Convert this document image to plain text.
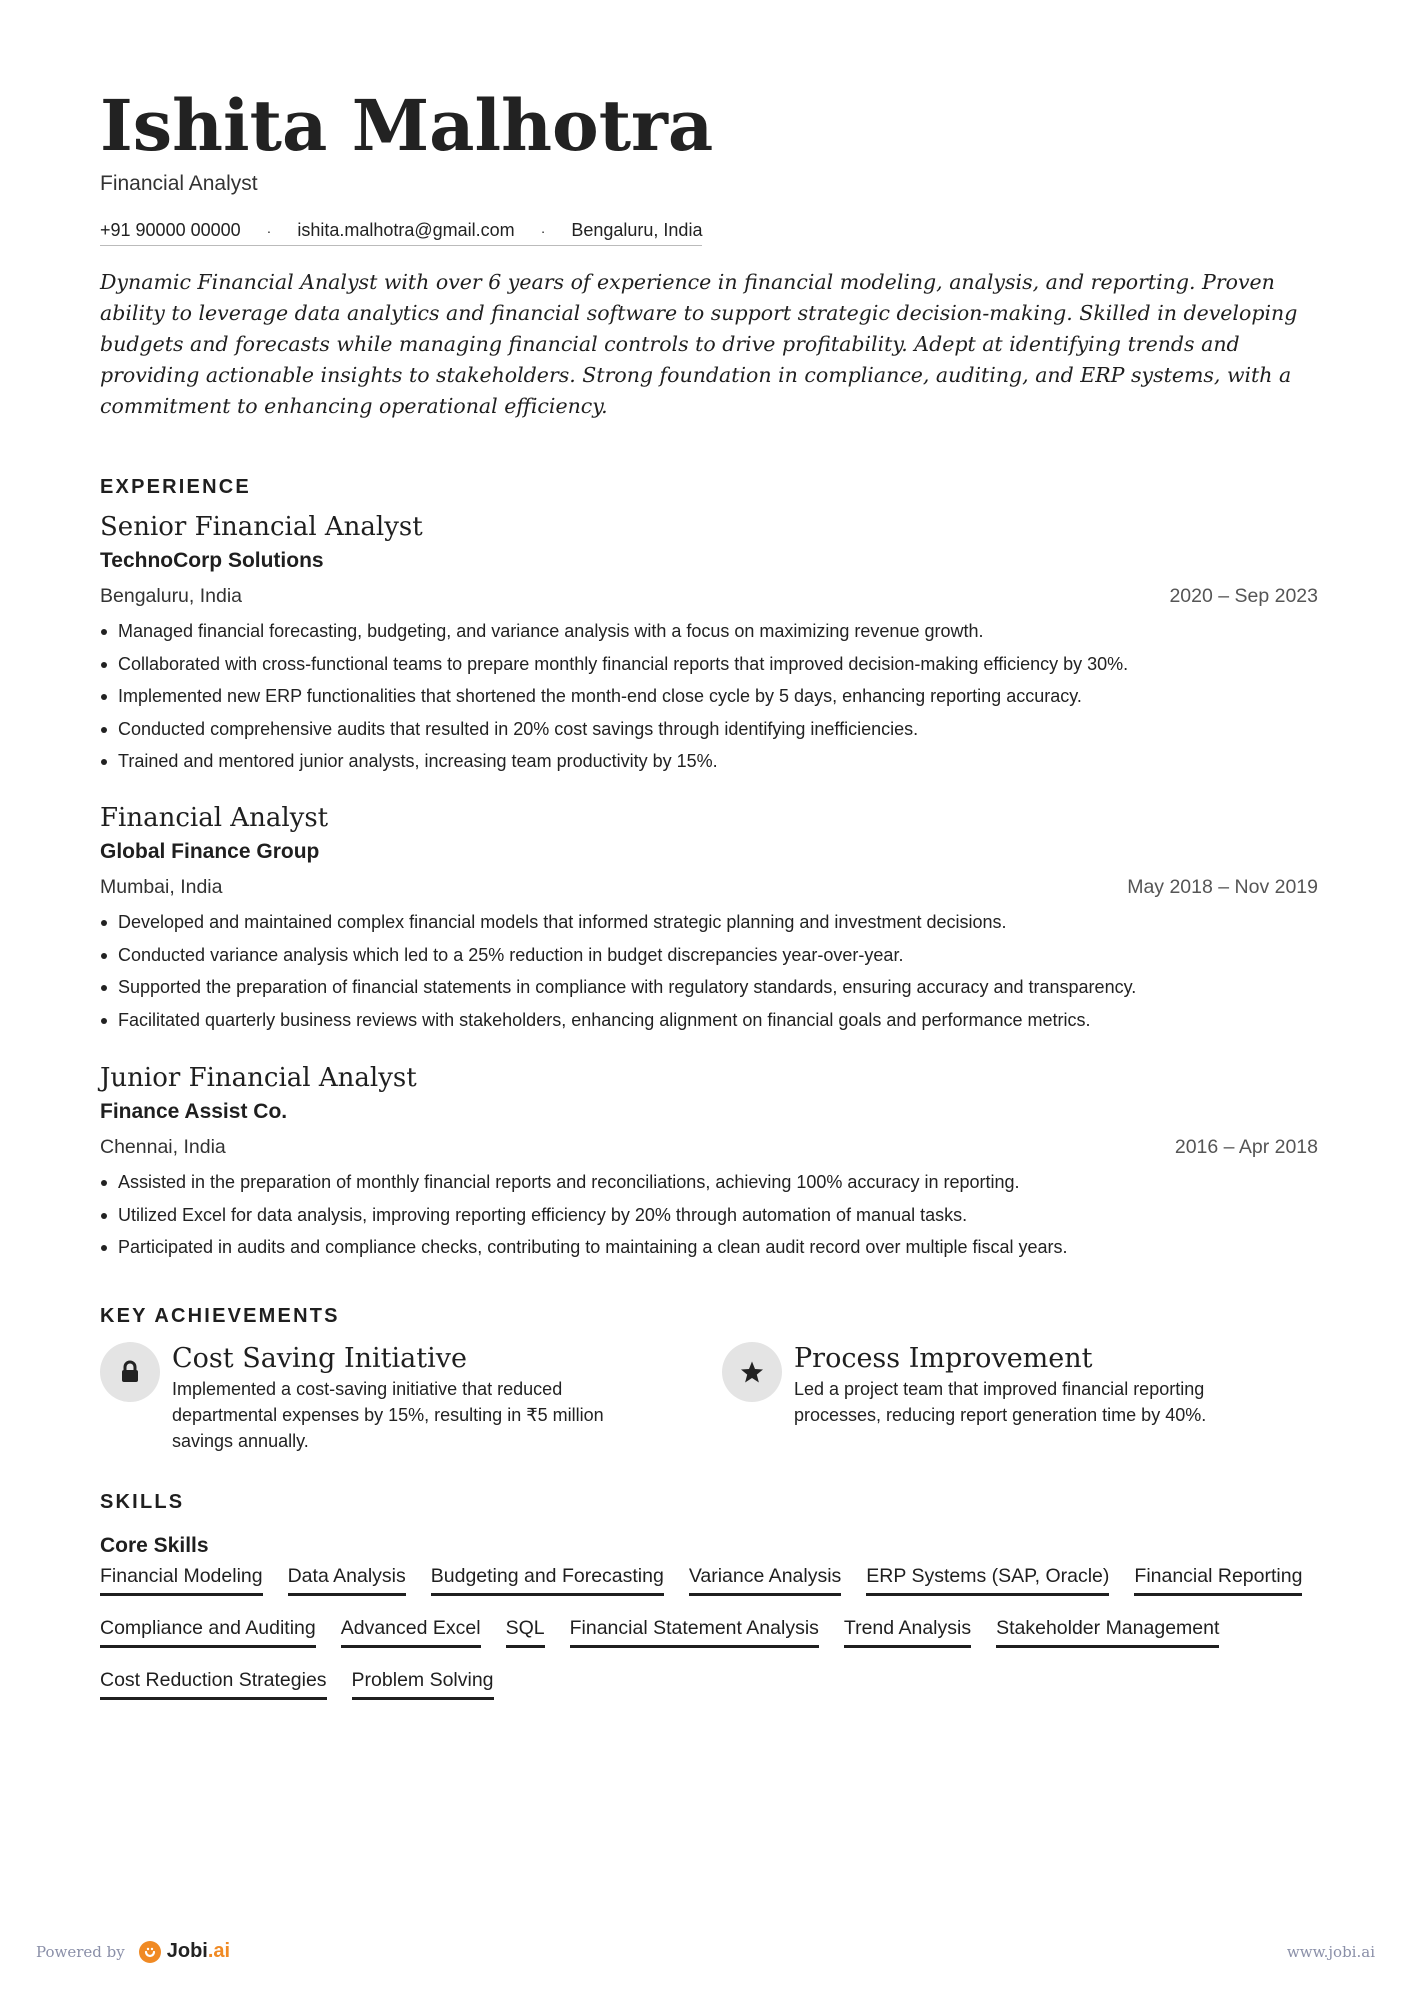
Ishita Malhotra
Financial Analyst
+91 90000 00000 · ishita.malhotra@gmail.com · Bengaluru, India
Dynamic Financial Analyst with over 6 years of experience in financial modeling, analysis, and reporting. Proven ability to leverage data analytics and financial software to support strategic decision-making. Skilled in developing budgets and forecasts while managing financial controls to drive profitability. Adept at identifying trends and providing actionable insights to stakeholders. Strong foundation in compliance, auditing, and ERP systems, with a commitment to enhancing operational efficiency.
EXPERIENCE
Senior Financial Analyst
TechnoCorp Solutions
Bengaluru, India	2020 – Sep 2023
Managed financial forecasting, budgeting, and variance analysis with a focus on maximizing revenue growth.
Collaborated with cross-functional teams to prepare monthly financial reports that improved decision-making efficiency by 30%.
Implemented new ERP functionalities that shortened the month-end close cycle by 5 days, enhancing reporting accuracy.
Conducted comprehensive audits that resulted in 20% cost savings through identifying inefficiencies.
Trained and mentored junior analysts, increasing team productivity by 15%.
Financial Analyst
Global Finance Group
Mumbai, India	May 2018 – Nov 2019
Developed and maintained complex financial models that informed strategic planning and investment decisions.
Conducted variance analysis which led to a 25% reduction in budget discrepancies year-over-year.
Supported the preparation of financial statements in compliance with regulatory standards, ensuring accuracy and transparency.
Facilitated quarterly business reviews with stakeholders, enhancing alignment on financial goals and performance metrics.
Junior Financial Analyst
Finance Assist Co.
Chennai, India	2016 – Apr 2018
Assisted in the preparation of monthly financial reports and reconciliations, achieving 100% accuracy in reporting.
Utilized Excel for data analysis, improving reporting efficiency by 20% through automation of manual tasks.
Participated in audits and compliance checks, contributing to maintaining a clean audit record over multiple fiscal years.
KEY ACHIEVEMENTS
Cost Saving Initiative
Implemented a cost-saving initiative that reduced departmental expenses by 15%, resulting in ₹5 million savings annually.
Process Improvement
Led a project team that improved financial reporting processes, reducing report generation time by 40%.
SKILLS
Core Skills
Financial Modeling Data Analysis Budgeting and Forecasting Variance Analysis ERP Systems (SAP, Oracle) Financial Reporting
Compliance and Auditing Advanced Excel SQL Financial Statement Analysis Trend Analysis Stakeholder Management
Cost Reduction Strategies Problem Solving
Powered by Jobi.ai	www.jobi.ai
